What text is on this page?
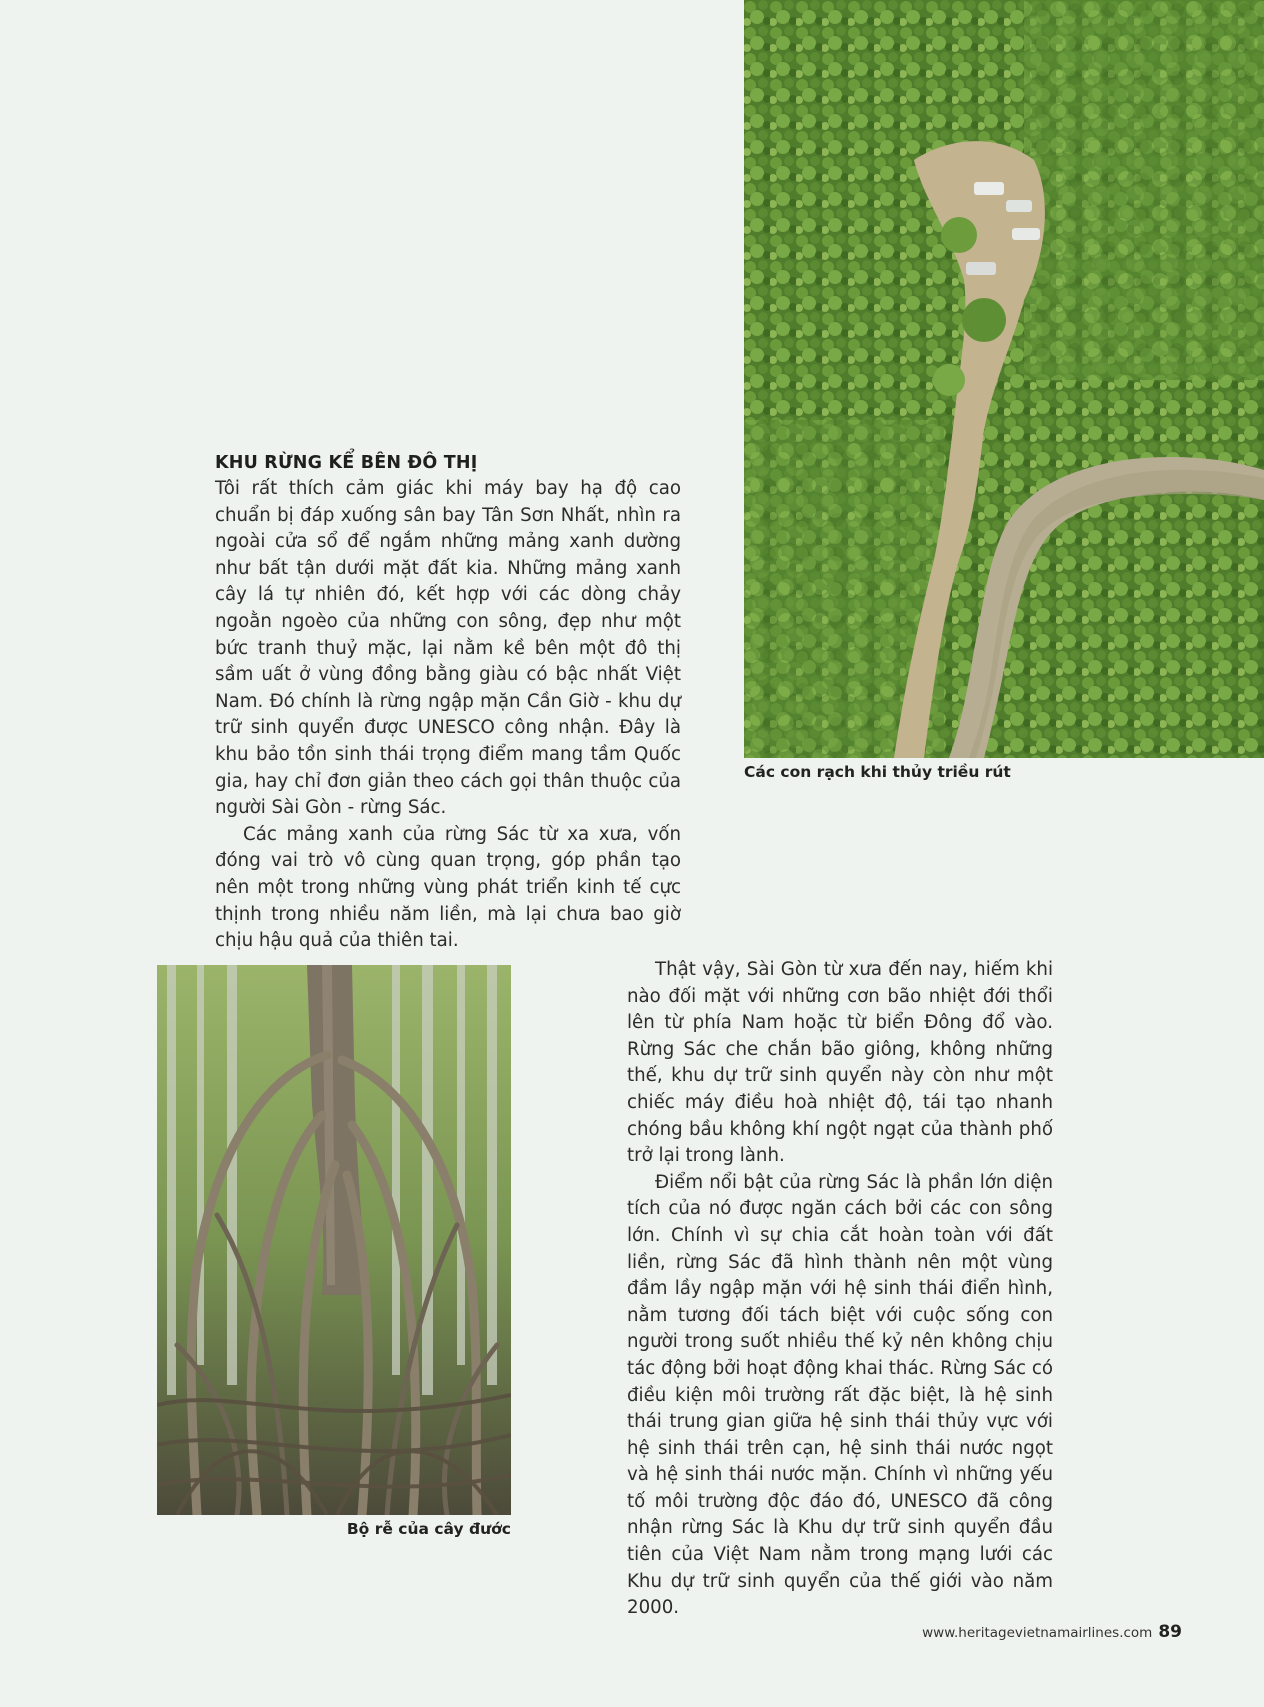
Các con rạch khi thủy triều rút
KHU RỪNG KỂ BÊN ĐÔ THỊ

Tôi rất thích cảm giác khi máy bay hạ độ cao chuẩn bị đáp xuống sân bay Tân Sơn Nhất, nhìn ra ngoài cửa sổ để ngắm những mảng xanh dường như bất tận dưới mặt đất kia. Những mảng xanh cây lá tự nhiên đó, kết hợp với các dòng chảy ngoằn ngoèo của những con sông, đẹp như một bức tranh thuỷ mặc, lại nằm kề bên một đô thị sầm uất ở vùng đồng bằng giàu có bậc nhất Việt Nam. Đó chính là rừng ngập mặn Cần Giờ - khu dự trữ sinh quyển được UNESCO công nhận. Đây là khu bảo tồn sinh thái trọng điểm mang tầm Quốc gia, hay chỉ đơn giản theo cách gọi thân thuộc của người Sài Gòn - rừng Sác.

Các mảng xanh của rừng Sác từ xa xưa, vốn đóng vai trò vô cùng quan trọng, góp phần tạo nên một trong những vùng phát triển kinh tế cực thịnh trong nhiều năm liền, mà lại chưa bao giờ chịu hậu quả của thiên tai.

Bộ rễ của cây đước

Thật vậy, Sài Gòn từ xưa đến nay, hiếm khi nào đối mặt với những cơn bão nhiệt đới thổi lên từ phía Nam hoặc từ biển Đông đổ vào. Rừng Sác che chắn bão giông, không những thế, khu dự trữ sinh quyển này còn như một chiếc máy điều hoà nhiệt độ, tái tạo nhanh chóng bầu không khí ngột ngạt của thành phố trở lại trong lành.

Điểm nổi bật của rừng Sác là phần lớn diện tích của nó được ngăn cách bởi các con sông lớn. Chính vì sự chia cắt hoàn toàn với đất liền, rừng Sác đã hình thành nên một vùng đầm lầy ngập mặn với hệ sinh thái điển hình, nằm tương đối tách biệt với cuộc sống con người trong suốt nhiều thế kỷ nên không chịu tác động bởi hoạt động khai thác. Rừng Sác có điều kiện môi trường rất đặc biệt, là hệ sinh thái trung gian giữa hệ sinh thái thủy vực với hệ sinh thái trên cạn, hệ sinh thái nước ngọt và hệ sinh thái nước mặn. Chính vì những yếu tố môi trường độc đáo đó, UNESCO đã công nhận rừng Sác là Khu dự trữ sinh quyển đầu tiên của Việt Nam nằm trong mạng lưới các Khu dự trữ sinh quyển của thế giới vào năm 2000.

www.heritagevietnamairlines.com 89
